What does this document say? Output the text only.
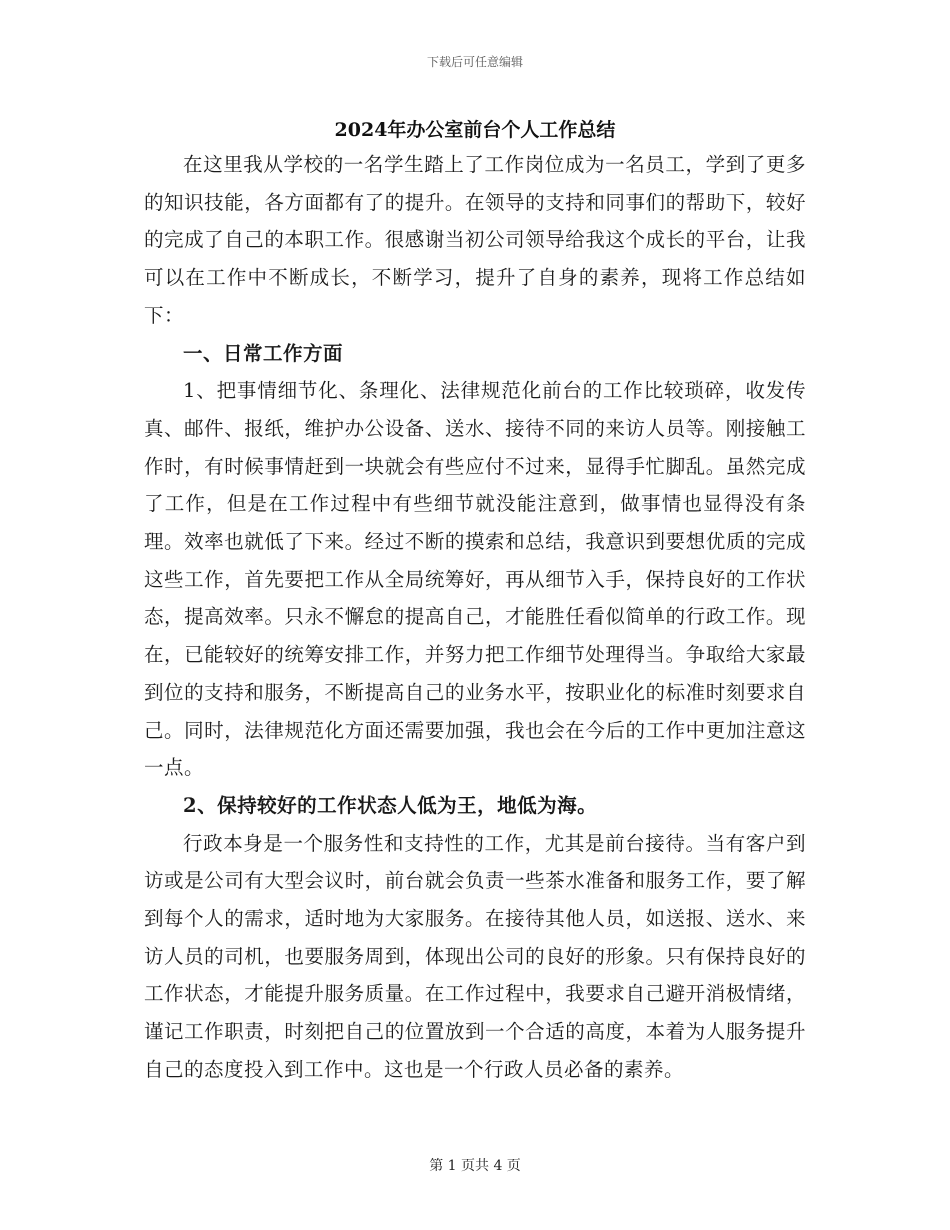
下载后可任意编辑
2024年办公室前台个人工作总结

在这里我从学校的一名学生踏上了工作岗位成为一名员工，学到了更多的知识技能，各方面都有了的提升。在领导的支持和同事们的帮助下，较好的完成了自己的本职工作。很感谢当初公司领导给我这个成长的平台，让我可以在工作中不断成长，不断学习，提升了自身的素养，现将工作总结如下：

一、日常工作方面

1、把事情细节化、条理化、法律规范化前台的工作比较琐碎，收发传真、邮件、报纸，维护办公设备、送水、接待不同的来访人员等。刚接触工作时，有时候事情赶到一块就会有些应付不过来，显得手忙脚乱。虽然完成了工作，但是在工作过程中有些细节就没能注意到，做事情也显得没有条理。效率也就低了下来。经过不断的摸索和总结，我意识到要想优质的完成这些工作，首先要把工作从全局统筹好，再从细节入手，保持良好的工作状态，提高效率。只永不懈怠的提高自己，才能胜任看似简单的行政工作。现在，已能较好的统筹安排工作，并努力把工作细节处理得当。争取给大家最到位的支持和服务，不断提高自己的业务水平，按职业化的标准时刻要求自己。同时，法律规范化方面还需要加强，我也会在今后的工作中更加注意这一点。

2、保持较好的工作状态人低为王，地低为海。

行政本身是一个服务性和支持性的工作，尤其是前台接待。当有客户到访或是公司有大型会议时，前台就会负责一些茶水准备和服务工作，要了解到每个人的需求，适时地为大家服务。在接待其他人员，如送报、送水、来访人员的司机，也要服务周到，体现出公司的良好的形象。只有保持良好的工作状态，才能提升服务质量。在工作过程中，我要求自己避开消极情绪，谨记工作职责，时刻把自己的位置放到一个合适的高度，本着为人服务提升自己的态度投入到工作中。这也是一个行政人员必备的素养。

第 1 页共 4 页
